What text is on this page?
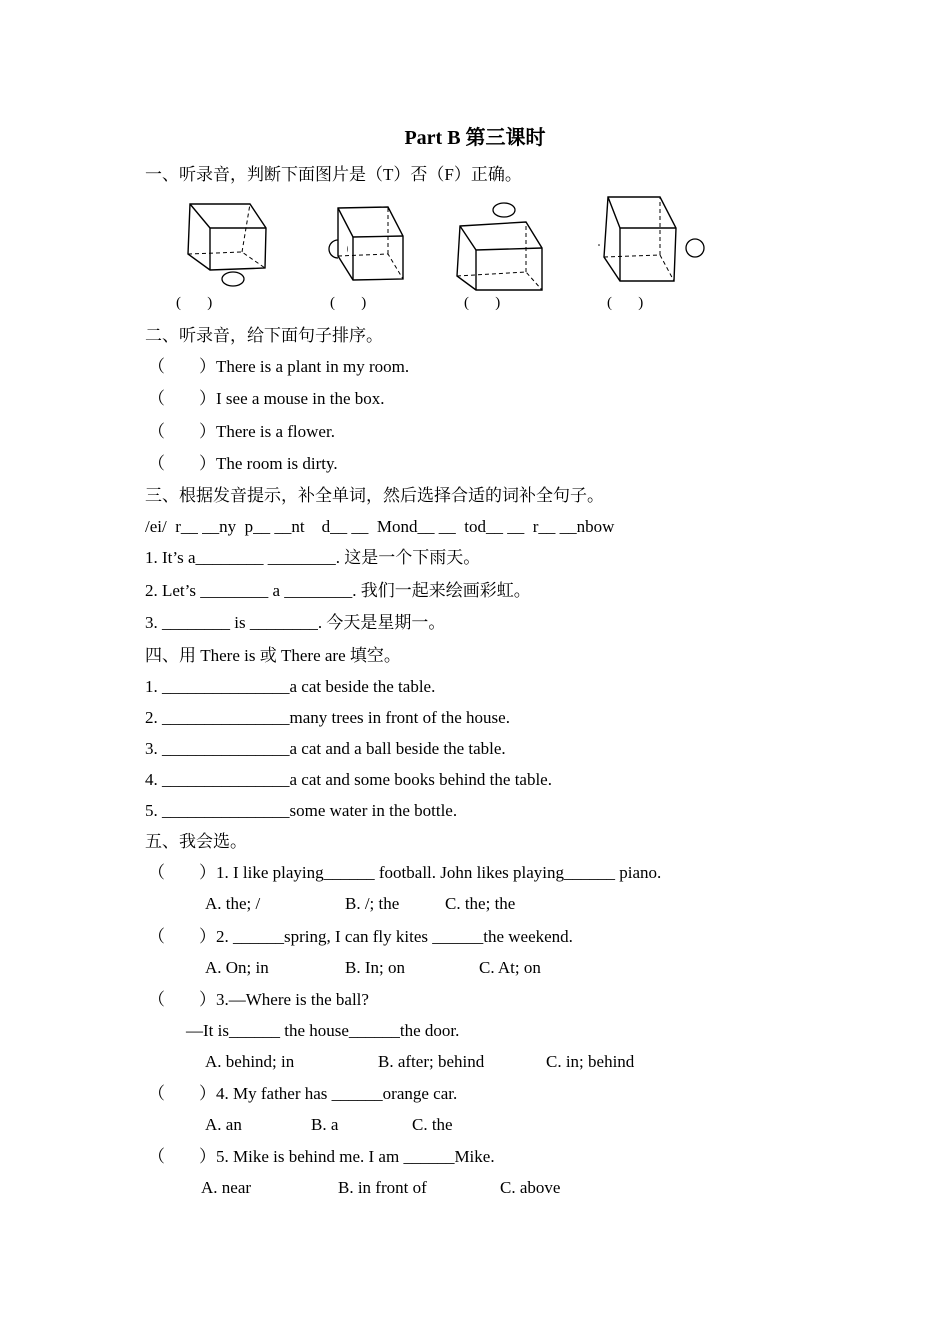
Part B 第三课时
一、听录音，判断下面图片是（T）否（F）正确。
(       )	(       )	(       )	(       )
二、听录音，给下面句子排序。
（        ）There is a plant in my room.
（        ）I see a mouse in the box.
（        ）There is a flower.
（        ）The room is dirty.
三、根据发音提示，补全单词，然后选择合适的词补全句子。
/ei/  r__ __ny  p__ __nt    d__ __  Mond__ __  tod__ __  r__ __nbow
1. It’s a________ ________. 这是一个下雨天。
2. Let’s ________ a ________. 我们一起来绘画彩虹。
3. ________ is ________. 今天是星期一。
四、用 There is 或 There are 填空。
1. _______________a cat beside the table.
2. _______________many trees in front of the house.
3. _______________a cat and a ball beside the table.
4. _______________a cat and some books behind the table.
5. _______________some water in the bottle.
五、我会选。
（        ）1. I like playing______ football. John likes playing______ piano.
A. the; /	B. /; the	C. the; the
（        ）2. ______spring, I can fly kites ______the weekend.
A. On; in	B. In; on	C. At; on
（        ）3.—Where is the ball?
—It is______ the house______the door.
A. behind; in	B. after; behind	C. in; behind
（        ）4. My father has ______orange car.
A. an	B. a	C. the
（        ）5. Mike is behind me. I am ______Mike.
A. near	B. in front of	C. above
